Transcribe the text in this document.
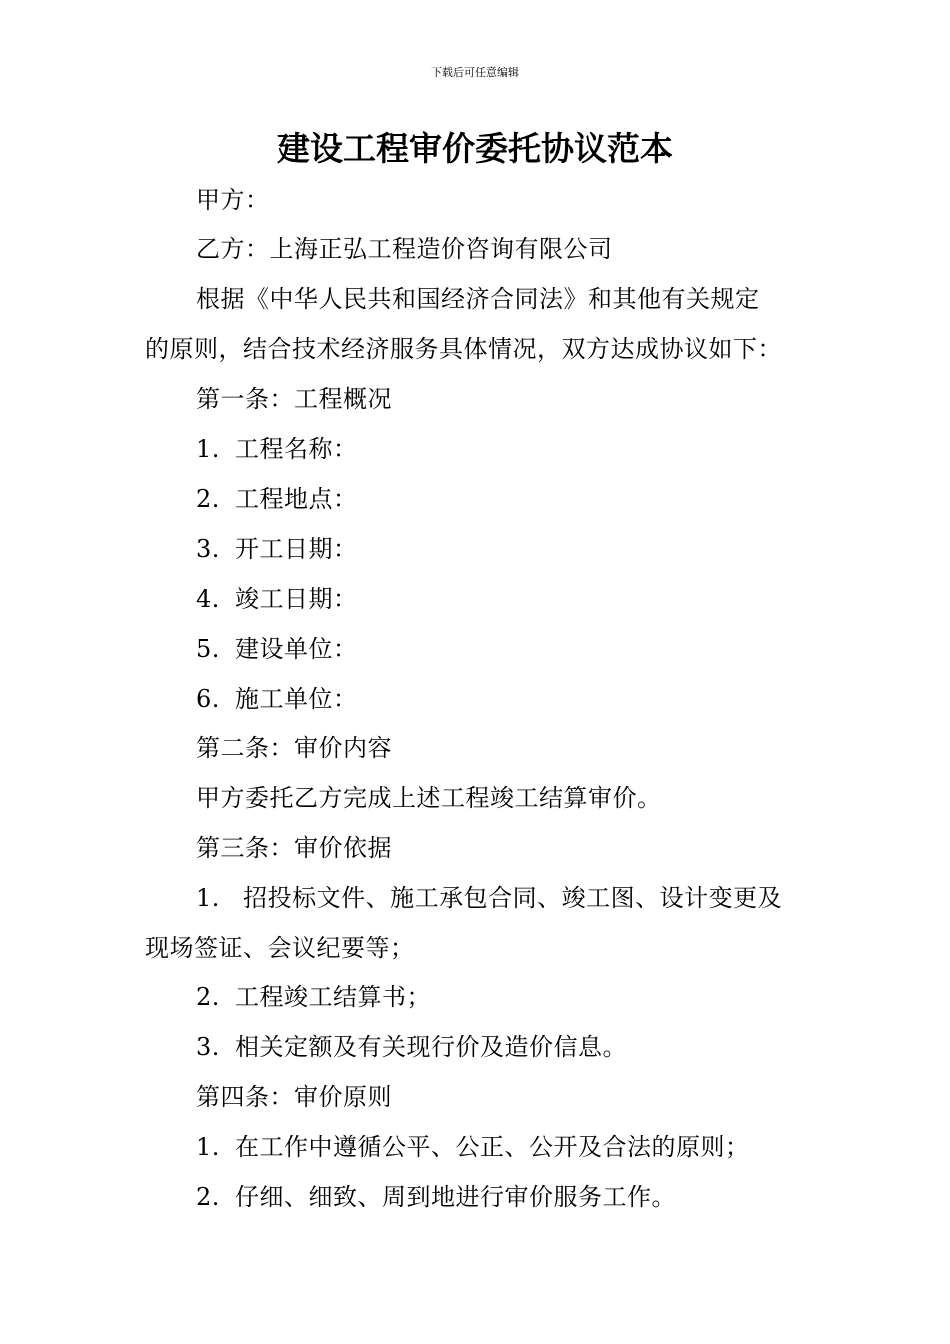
下载后可任意编辑
建设工程审价委托协议范本
甲方：
乙方：上海正弘工程造价咨询有限公司
根据《中华人民共和国经济合同法》和其他有关规定
的原则，结合技术经济服务具体情况，双方达成协议如下：
第一条：工程概况
1. 工程名称：
2. 工程地点：
3. 开工日期：
4. 竣工日期：
5. 建设单位：
6. 施工单位：
第二条：审价内容
甲方委托乙方完成上述工程竣工结算审价。
第三条：审价依据
1. 招投标文件、施工承包合同、竣工图、设计变更及
现场签证、会议纪要等；
2. 工程竣工结算书；
3. 相关定额及有关现行价及造价信息。
第四条：审价原则
1. 在工作中遵循公平、公正、公开及合法的原则；
2. 仔细、细致、周到地进行审价服务工作。
